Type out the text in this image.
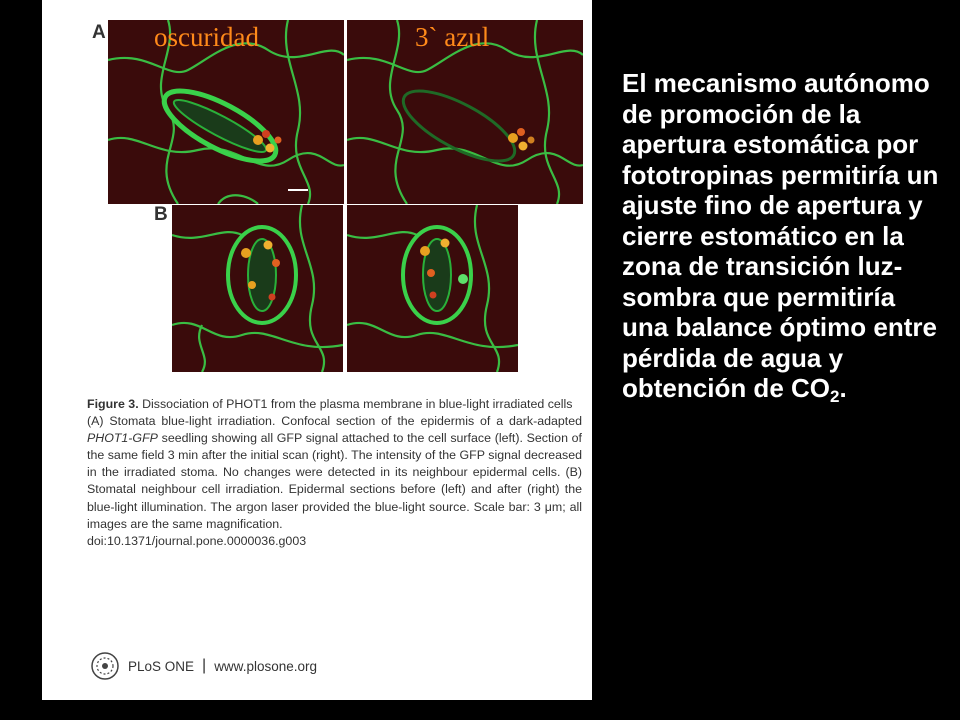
A
B
oscuridad	3` azul
Figure 3. Dissociation of PHOT1 from the plasma membrane in blue-light irradiated cells
(A) Stomata blue-light irradiation. Confocal section of the epidermis of a dark-adapted PHOT1-GFP seedling showing all GFP signal attached to the cell surface (left). Section of the same field 3 min after the initial scan (right). The intensity of the GFP signal decreased in the irradiated stoma. No changes were detected in its neighbour epidermal cells. (B) Stomatal neighbour cell irradiation. Epidermal sections before (left) and after (right) the blue-light illumination. The argon laser provided the blue-light source. Scale bar: 3 μm; all images are the same magnification.
doi:10.1371/journal.pone.0000036.g003
PLoS ONE | www.plosone.org
El mecanismo autónomo de promoción de la apertura estomática por fototropinas permitiría un ajuste fino de apertura y cierre estomático en la zona de transición luz-sombra que permitiría una balance óptimo entre pérdida de agua y obtención de $CO_2$.
